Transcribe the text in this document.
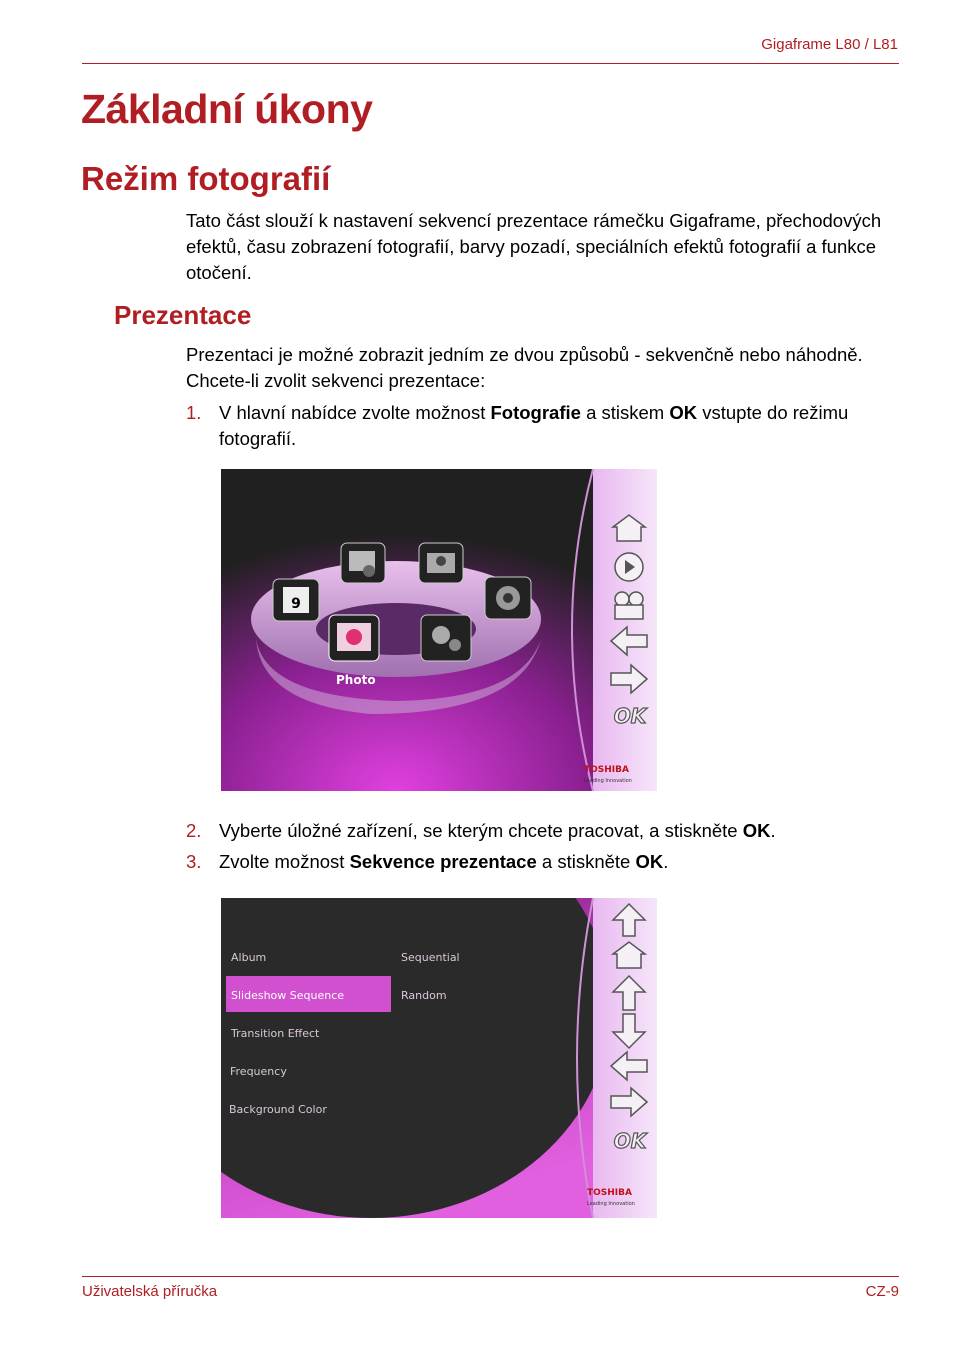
Gigaframe L80 / L81
Základní úkony
Režim fotografií
Tato část slouží k nastavení sekvencí prezentace rámečku Gigaframe, přechodových efektů, času zobrazení fotografií, barvy pozadí, speciálních efektů fotografií a funkce otočení.
Prezentace
Prezentaci je možné zobrazit jedním ze dvou způsobů - sekvenčně nebo náhodně. Chcete-li zvolit sekvenci prezentace:
1. V hlavní nabídce zvolte možnost Fotografie a stiskem OK vstupte do režimu fotografií.
9
Photo
OK
TOSHIBA
Leading Innovation
2. Vyberte úložné zařízení, se kterým chcete pracovat, a stiskněte OK.
3. Zvolte možnost Sekvence prezentace a stiskněte OK.
Album
Slideshow Sequence
Transition Effect
Frequency
Background Color
Sequential
Random
OK
TOSHIBA
Leading Innovation
Uživatelská příručka	CZ-9
